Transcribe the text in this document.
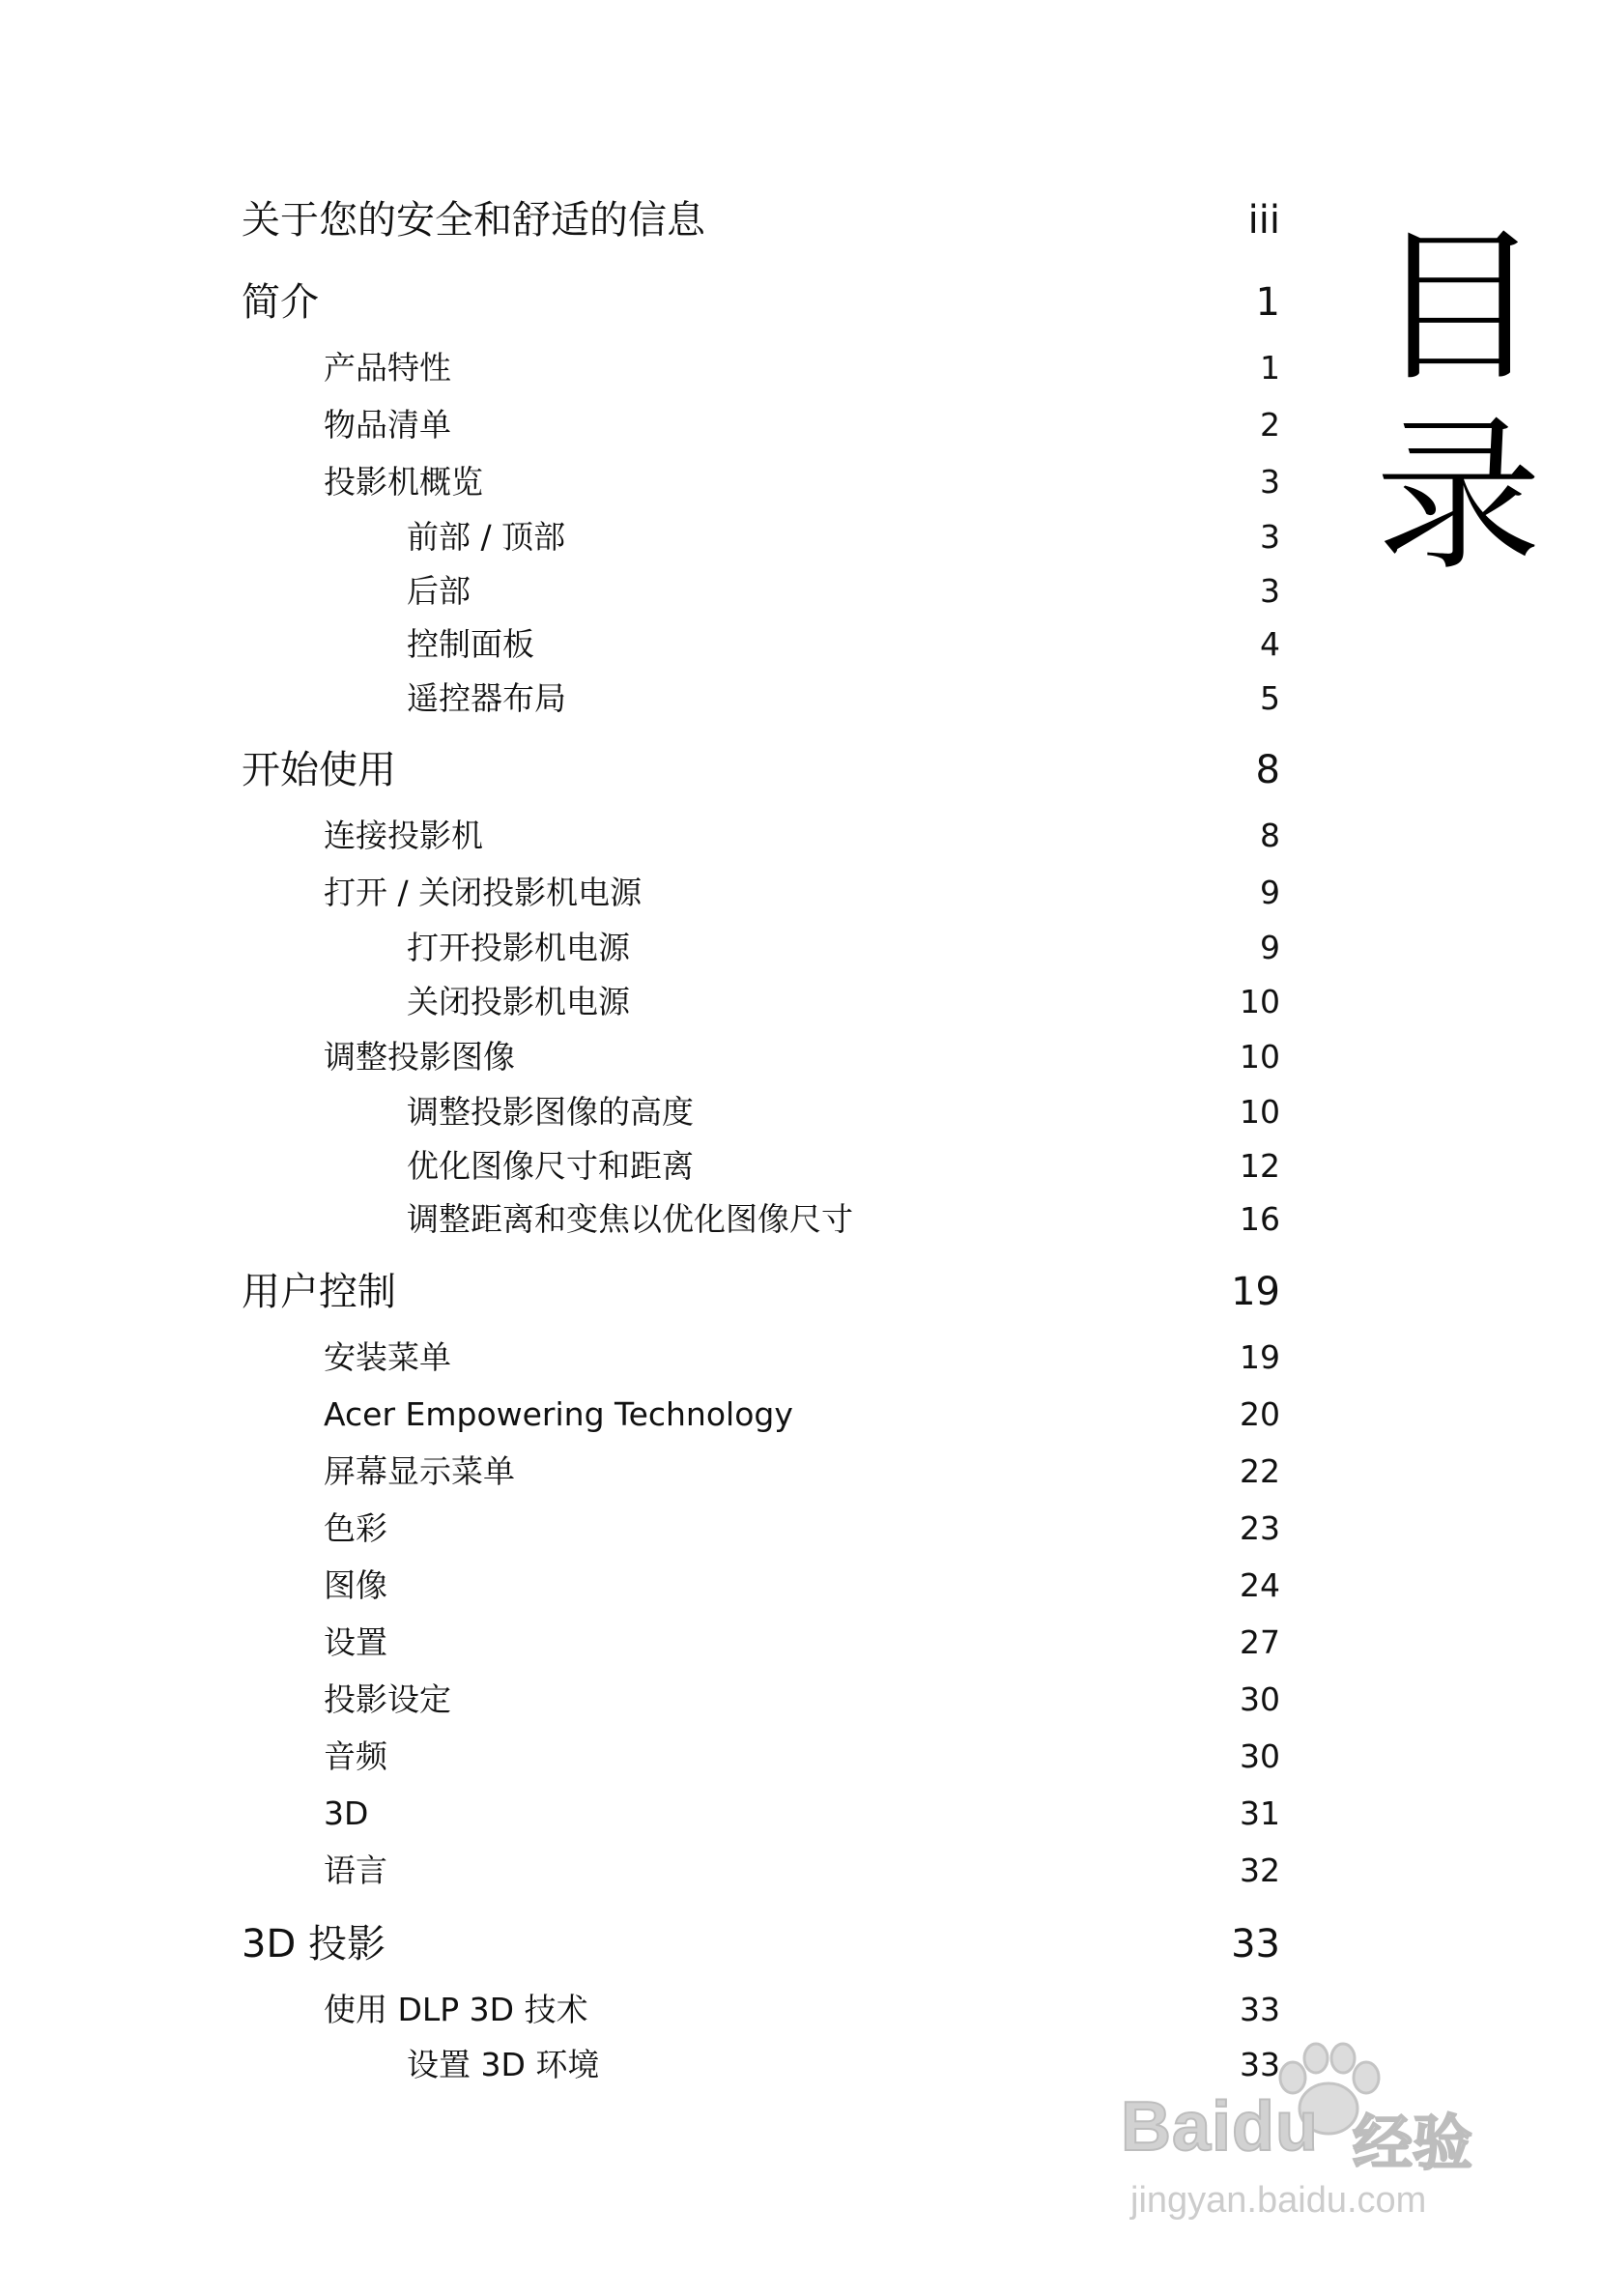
关于您的安全和舒适的信息	iii
简介	1
产品特性	1
物品清单	2
投影机概览	3
前部 / 顶部	3
后部	3
控制面板	4
遥控器布局	5
开始使用	8
连接投影机	8
打开 / 关闭投影机电源	9
打开投影机电源	9
关闭投影机电源	10
调整投影图像	10
调整投影图像的高度	10
优化图像尺寸和距离	12
调整距离和变焦以优化图像尺寸	16
用户控制	19
安装菜单	19
Acer Empowering Technology	20
屏幕显示菜单	22
色彩	23
图像	24
设置	27
投影设定	30
音频	30
3D	31
语言	32
3D 投影	33
使用 DLP 3D 技术	33
设置 3D 环境	33
目
录
Baidu 经验
jingyan.baidu.com
